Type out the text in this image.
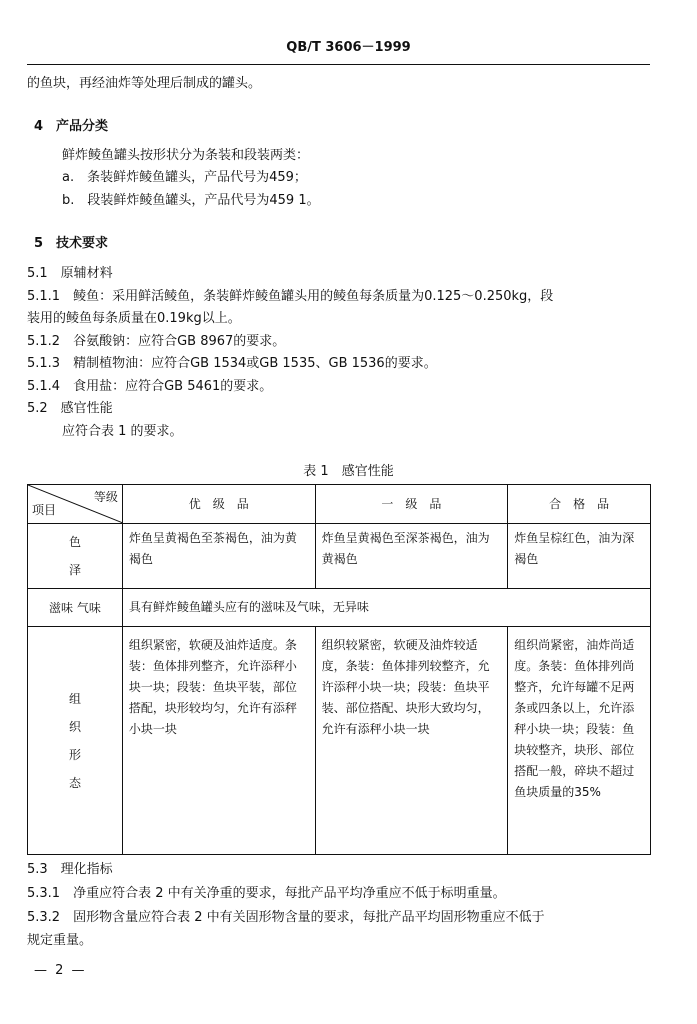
QB/T 3606－1999
的鱼块，再经油炸等处理后制成的罐头。
4　产品分类
鲜炸鲮鱼罐头按形状分为条装和段装两类：
a.　条装鲜炸鲮鱼罐头，产品代号为459；
b.　段装鲜炸鲮鱼罐头，产品代号为459 1。
5　技术要求
5.1　原辅材料
5.1.1　鲮鱼：采用鲜活鲮鱼，条装鲜炸鲮鱼罐头用的鲮鱼每条质量为0.125～0.250kg，段
装用的鲮鱼每条质量在0.19kg以上。
5.1.2　谷氨酸钠：应符合GB 8967的要求。
5.1.3　精制植物油：应符合GB 1534或GB 1535、GB 1536的要求。
5.1.4　食用盐：应符合GB 5461的要求。
5.2　感官性能
应符合表 1 的要求。
表 1　感官性能
等级
项目	优　级　品	一　级　品	合　格　品

色泽	炸鱼呈黄褐色至茶褐色，油为黄褐色	炸鱼呈黄褐色至深茶褐色，油为黄褐色	炸鱼呈棕红色，油为深褐色
滋味 气味	具有鲜炸鲮鱼罐头应有的滋味及气味，无异味		

组织形态	组织紧密，软硬及油炸适度。条装：鱼体排列整齐，允许添秤小块一块；段装：鱼块平装，部位搭配，块形较均匀，允许有添秤小块一块	组织较紧密，软硬及油炸较适度，条装：鱼体排列较整齐，允许添秤小块一块；段装：鱼块平装、部位搭配、块形大致均匀，允许有添秤小块一块	组织尚紧密，油炸尚适度。条装：鱼体排列尚整齐，允许每罐不足两条或四条以上，允许添秤小块一块；段装：鱼块较整齐，块形、部位搭配一般，碎块不超过鱼块质量的35%
5.3　理化指标
5.3.1　净重应符合表 2 中有关净重的要求，每批产品平均净重应不低于标明重量。
5.3.2　固形物含量应符合表 2 中有关固形物含量的要求，每批产品平均固形物重应不低于
规定重量。
— 2 —
